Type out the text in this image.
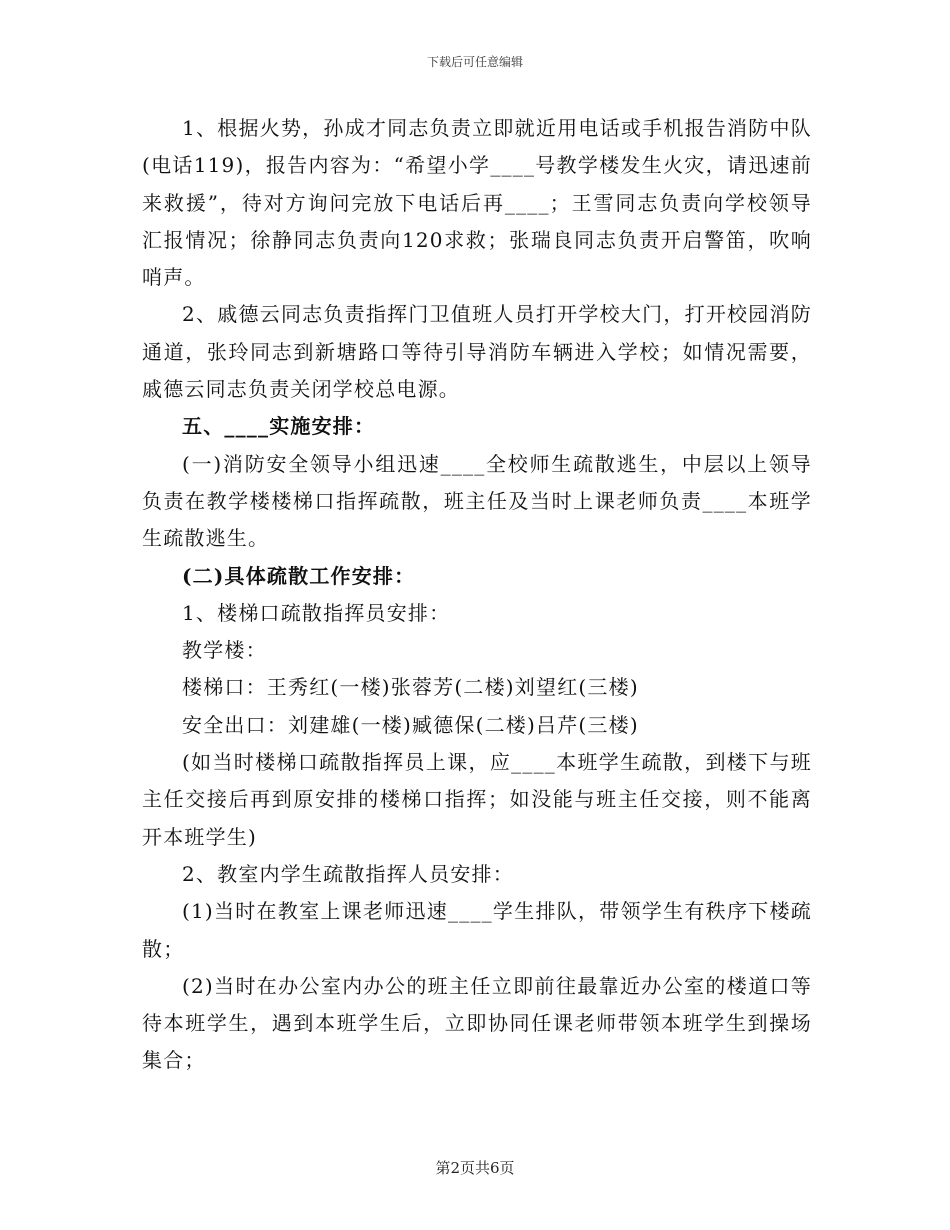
下载后可任意编辑

1、根据火势，孙成才同志负责立即就近用电话或手机报告消防中队(电话119)，报告内容为：“希望小学____号教学楼发生火灾，请迅速前来救援”，待对方询问完放下电话后再____；王雪同志负责向学校领导汇报情况；徐静同志负责向120求救；张瑞良同志负责开启警笛，吹响哨声。

2、戚德云同志负责指挥门卫值班人员打开学校大门，打开校园消防通道，张玲同志到新塘路口等待引导消防车辆进入学校；如情况需要，戚德云同志负责关闭学校总电源。

五、____实施安排：

(一)消防安全领导小组迅速____全校师生疏散逃生，中层以上领导负责在教学楼楼梯口指挥疏散，班主任及当时上课老师负责____本班学生疏散逃生。

(二)具体疏散工作安排：

1、楼梯口疏散指挥员安排：

教学楼：

楼梯口：王秀红(一楼)张蓉芳(二楼)刘望红(三楼)

安全出口：刘建雄(一楼)臧德保(二楼)吕芹(三楼)

(如当时楼梯口疏散指挥员上课，应____本班学生疏散，到楼下与班主任交接后再到原安排的楼梯口指挥；如没能与班主任交接，则不能离开本班学生)

2、教室内学生疏散指挥人员安排：

(1)当时在教室上课老师迅速____学生排队，带领学生有秩序下楼疏散；

(2)当时在办公室内办公的班主任立即前往最靠近办公室的楼道口等待本班学生，遇到本班学生后，立即协同任课老师带领本班学生到操场集合；

第2页共6页
